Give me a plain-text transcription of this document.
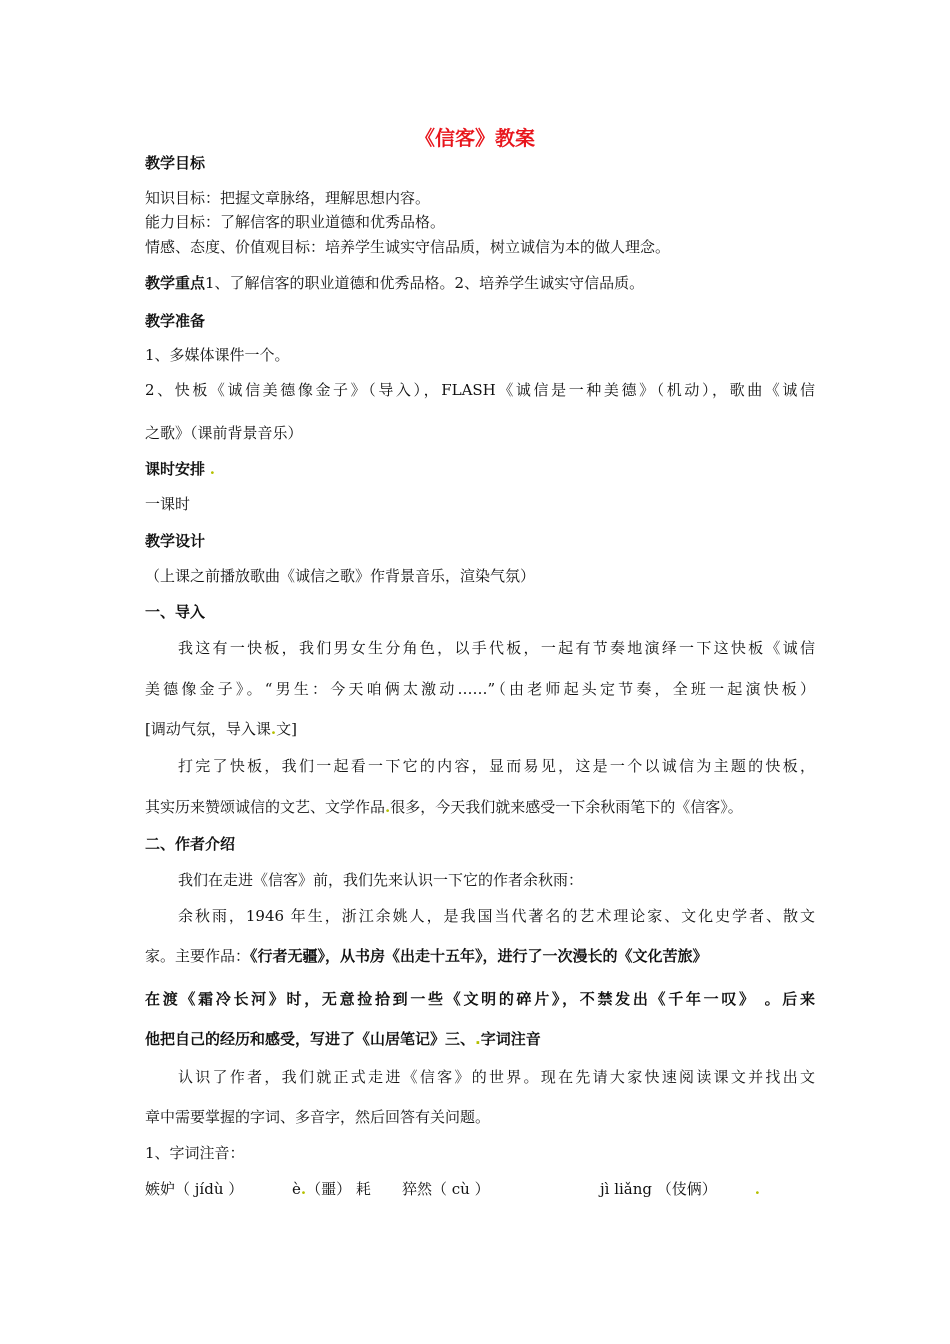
《信客》教案
教学目标
知识目标：把握文章脉络，理解思想内容。
能力目标：了解信客的职业道德和优秀品格。
情感、态度、价值观目标：培养学生诚实守信品质，树立诚信为本的做人理念。
教学重点1、了解信客的职业道德和优秀品格。2、培养学生诚实守信品质。
教学准备
1、多媒体课件一个。
2、快板《诚信美德像金子》（导入），FLASH《诚信是一种美德》（机动），歌曲《诚信
之歌》（课前背景音乐）
课时安排 .
一课时
教学设计
（上课之前播放歌曲《诚信之歌》作背景音乐，渲染气氛）
一、导入
我这有一快板，我们男女生分角色，以手代板，一起有节奏地演绎一下这快板《诚信
美德像金子》。“男生：今天咱俩太激动……”（由老师起头定节奏，全班一起演快板）
[调动气氛，导入课.文]
打完了快板，我们一起看一下它的内容，显而易见，这是一个以诚信为主题的快板，
其实历来赞颂诚信的文艺、文学作品.很多，今天我们就来感受一下余秋雨笔下的《信客》。
二、作者介绍
我们在走进《信客》前，我们先来认识一下它的作者余秋雨：
余秋雨，1946 年生，浙江余姚人，是我国当代著名的艺术理论家、文化史学者、散文
家。主要作品：《行者无疆》，从书房《出走十五年》，进行了一次漫长的《文化苦旅》
在渡《霜冷长河》时，无意捡拾到一些《文明的碎片》，不禁发出《千年一叹》 。后来
他把自己的经历和感受，写进了《山居笔记》三、.字词注音
认识了作者，我们就正式走进《信客》的世界。现在先请大家快速阅读课文并找出文
章中需要掌握的字词、多音字，然后回答有关问题。
1、字词注音：
嫉妒（ jídù ）	è.（噩） 耗	猝然（ cù ）	jì liǎng （伎俩）	.
